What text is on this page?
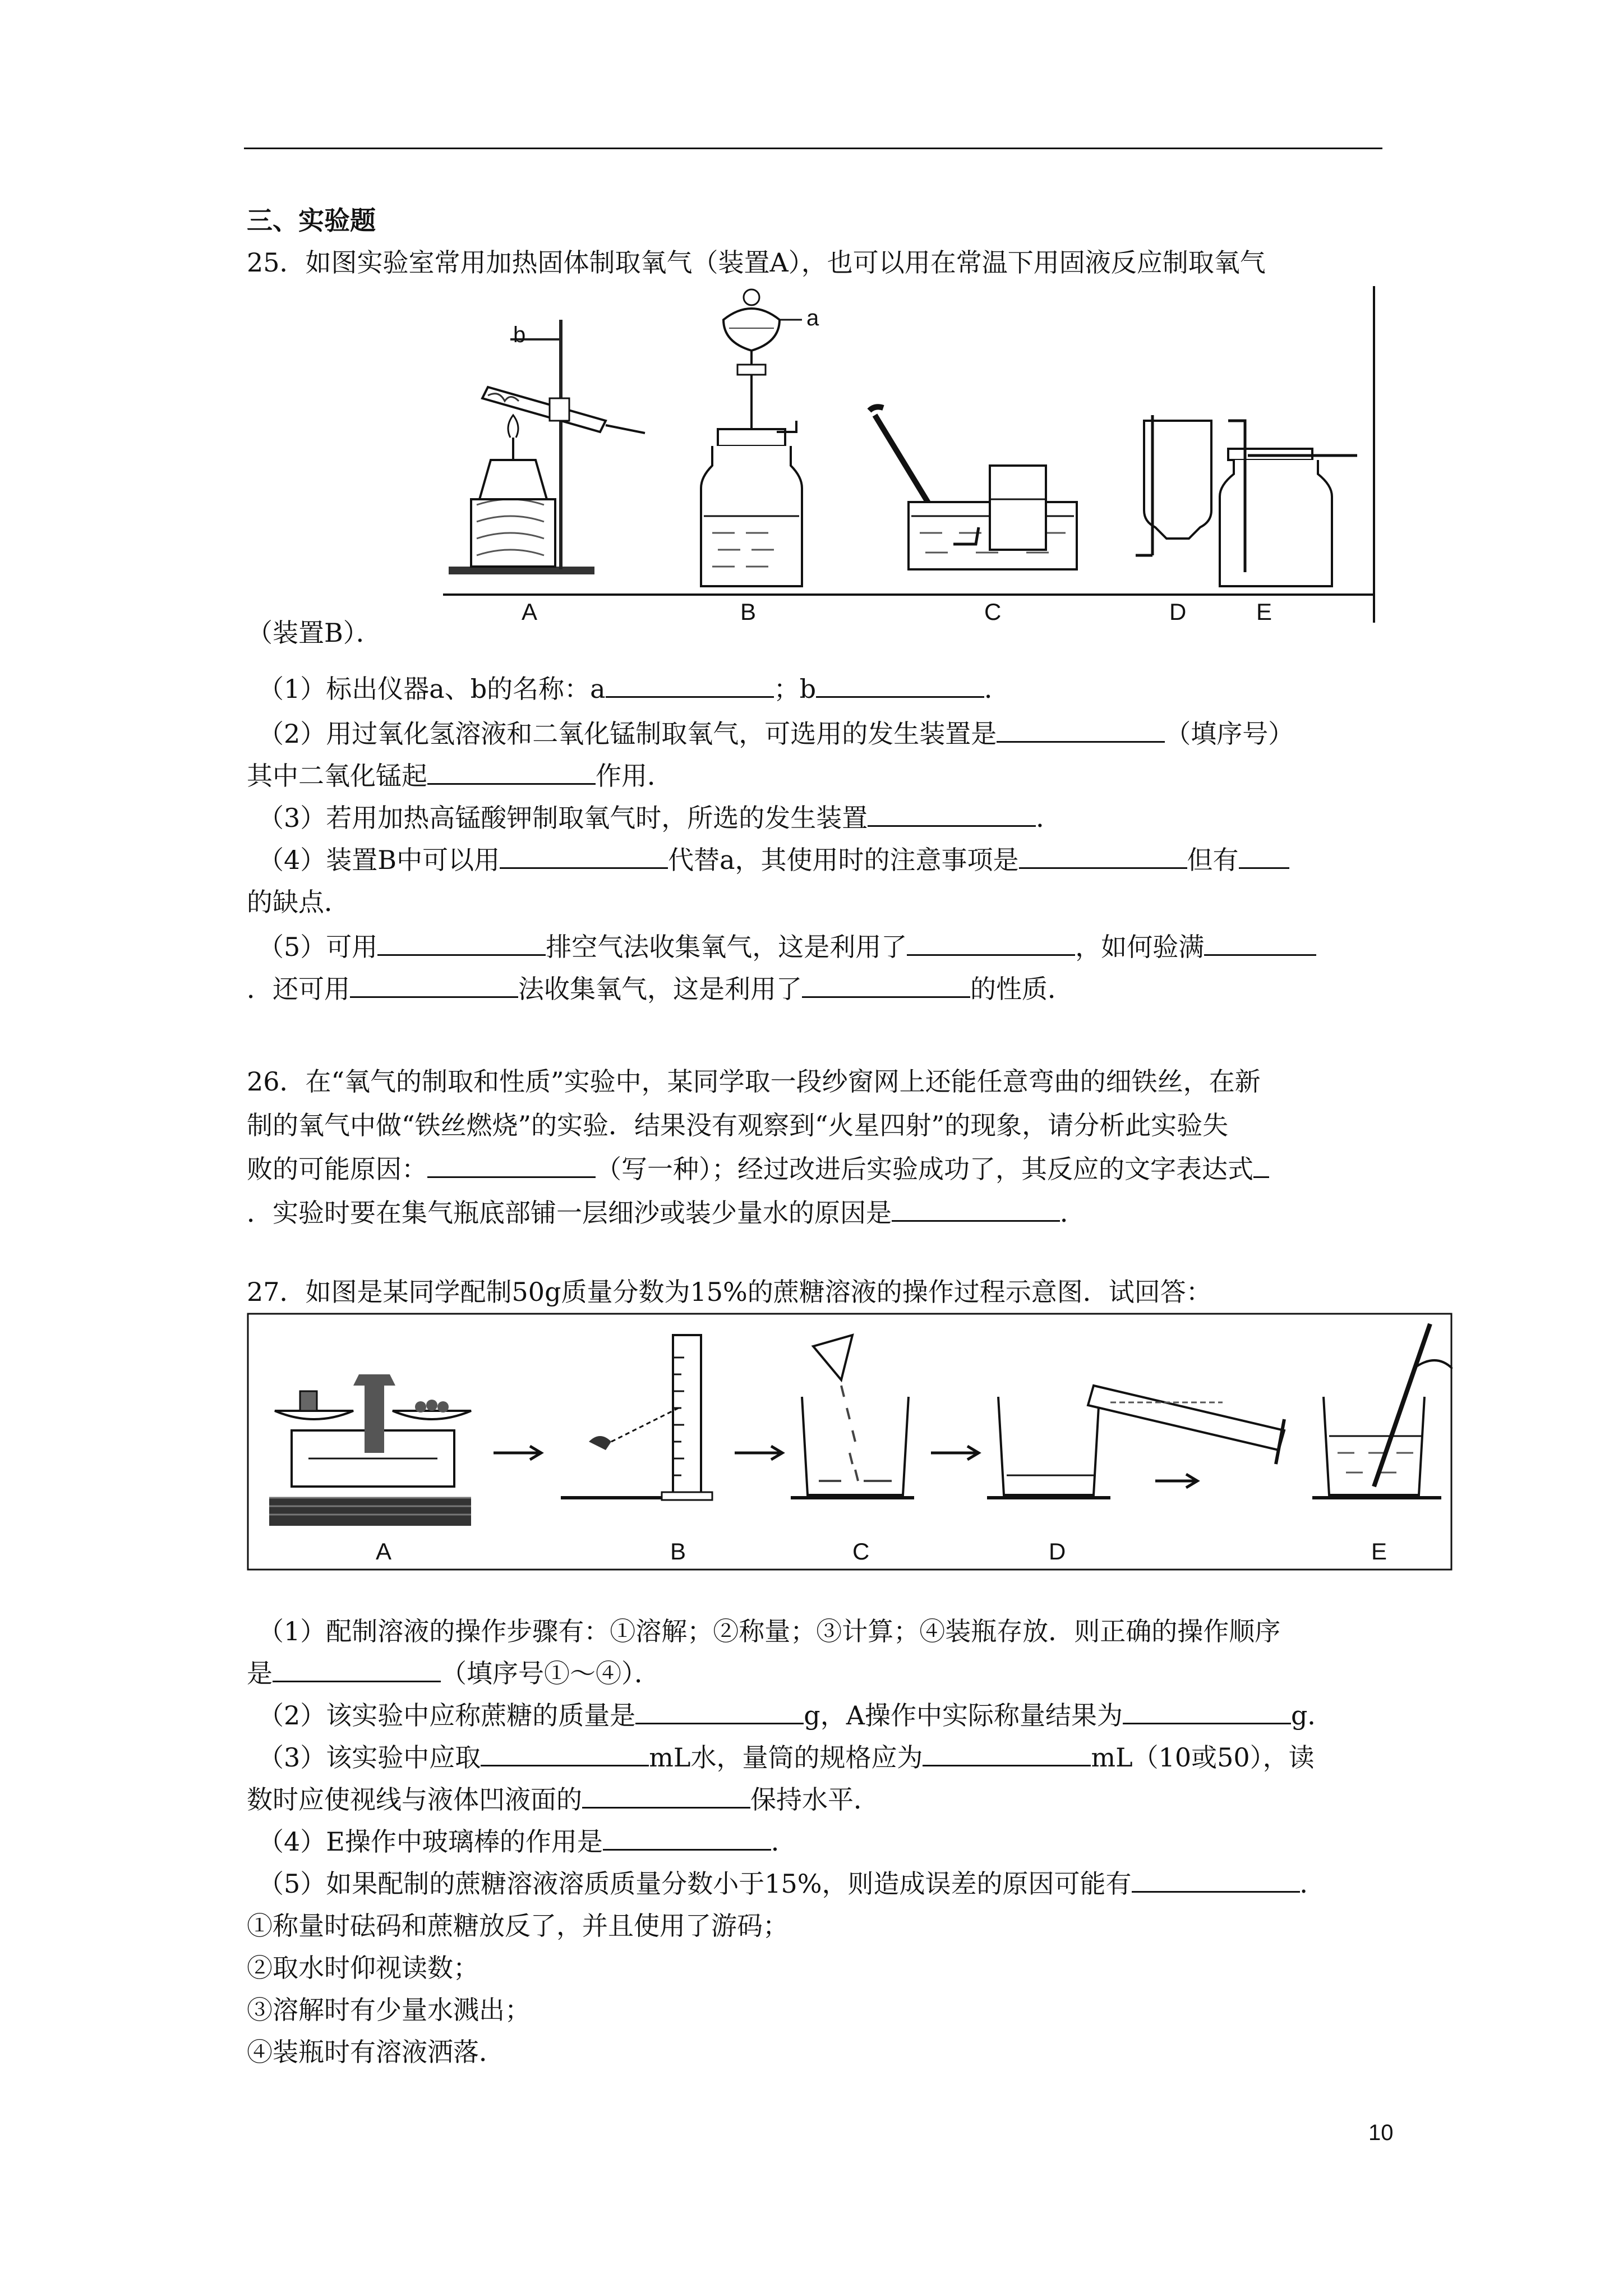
三、实验题
25．如图实验室常用加热固体制取氧气（装置A），也可以用在常温下用固液反应制取氧气
b
A
a
B	C	D	E
（装置B）．
（1）标出仪器a、b的名称：a	；b	．
（2）用过氧化氢溶液和二氧化锰制取氧气，可选用的发生装置是	（填序号）
其中二氧化锰起	作用．
（3）若用加热高锰酸钾制取氧气时，所选的发生装置	．
（4）装置B中可以用	代替a，其使用时的注意事项是	但有
的缺点．
（5）可用	排空气法收集氧气，这是利用了	，如何验满
．还可用	法收集氧气，这是利用了	的性质．
26．在“氧气的制取和性质”实验中，某同学取一段纱窗网上还能任意弯曲的细铁丝，在新
制的氧气中做“铁丝燃烧”的实验．结果没有观察到“火星四射”的现象，请分析此实验失
败的可能原因：	（写一种）；经过改进后实验成功了，其反应的文字表达式
．实验时要在集气瓶底部铺一层细沙或装少量水的原因是	．
27．如图是某同学配制50g质量分数为15%的蔗糖溶液的操作过程示意图．试回答：
A	B	C	D	E
（1）配制溶液的操作步骤有：①溶解；②称量；③计算；④装瓶存放．则正确的操作顺序
是	（填序号①～④）．
（2）该实验中应称蔗糖的质量是	g，A操作中实际称量结果为	g．
（3）该实验中应取	mL水，量筒的规格应为	mL（10或50），读
数时应使视线与液体凹液面的	保持水平．
（4）E操作中玻璃棒的作用是	．
（5）如果配制的蔗糖溶液溶质质量分数小于15%，则造成误差的原因可能有	．
①称量时砝码和蔗糖放反了，并且使用了游码；
②取水时仰视读数；
③溶解时有少量水溅出；
④装瓶时有溶液洒落．
10
